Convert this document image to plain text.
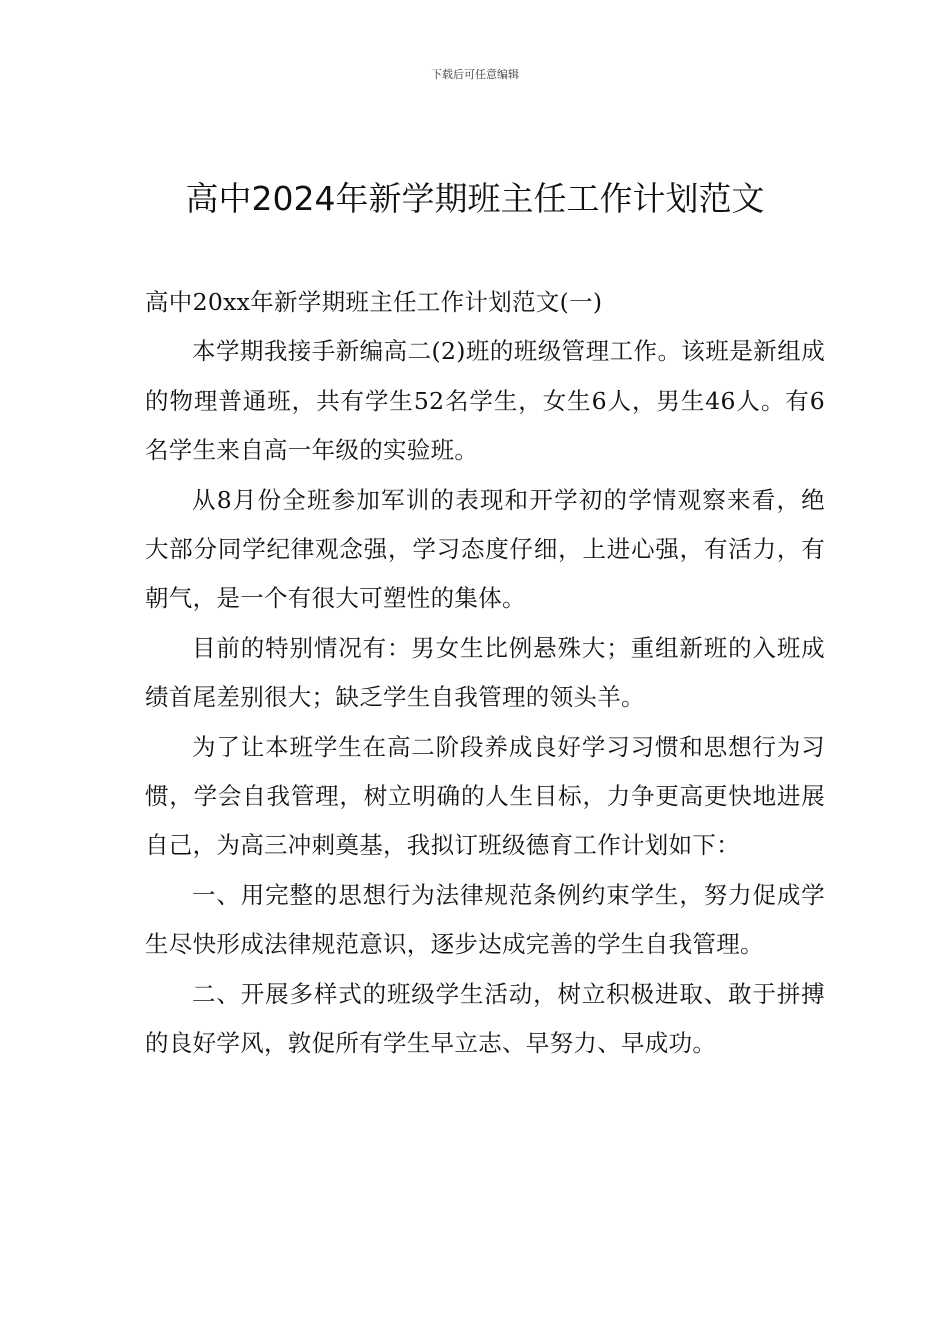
下载后可任意编辑
高中2024年新学期班主任工作计划范文

高中20xx年新学期班主任工作计划范文(一)

本学期我接手新编高二(2)班的班级管理工作。该班是新组成的物理普通班，共有学生52名学生，女生6人，男生46人。有6名学生来自高一年级的实验班。

从8月份全班参加军训的表现和开学初的学情观察来看，绝大部分同学纪律观念强，学习态度仔细，上进心强，有活力，有朝气，是一个有很大可塑性的集体。

目前的特别情况有：男女生比例悬殊大；重组新班的入班成绩首尾差别很大；缺乏学生自我管理的领头羊。

为了让本班学生在高二阶段养成良好学习习惯和思想行为习惯，学会自我管理，树立明确的人生目标，力争更高更快地进展自己，为高三冲刺奠基，我拟订班级德育工作计划如下：

一、用完整的思想行为法律规范条例约束学生，努力促成学生尽快形成法律规范意识，逐步达成完善的学生自我管理。

二、开展多样式的班级学生活动，树立积极进取、敢于拼搏的良好学风，敦促所有学生早立志、早努力、早成功。
